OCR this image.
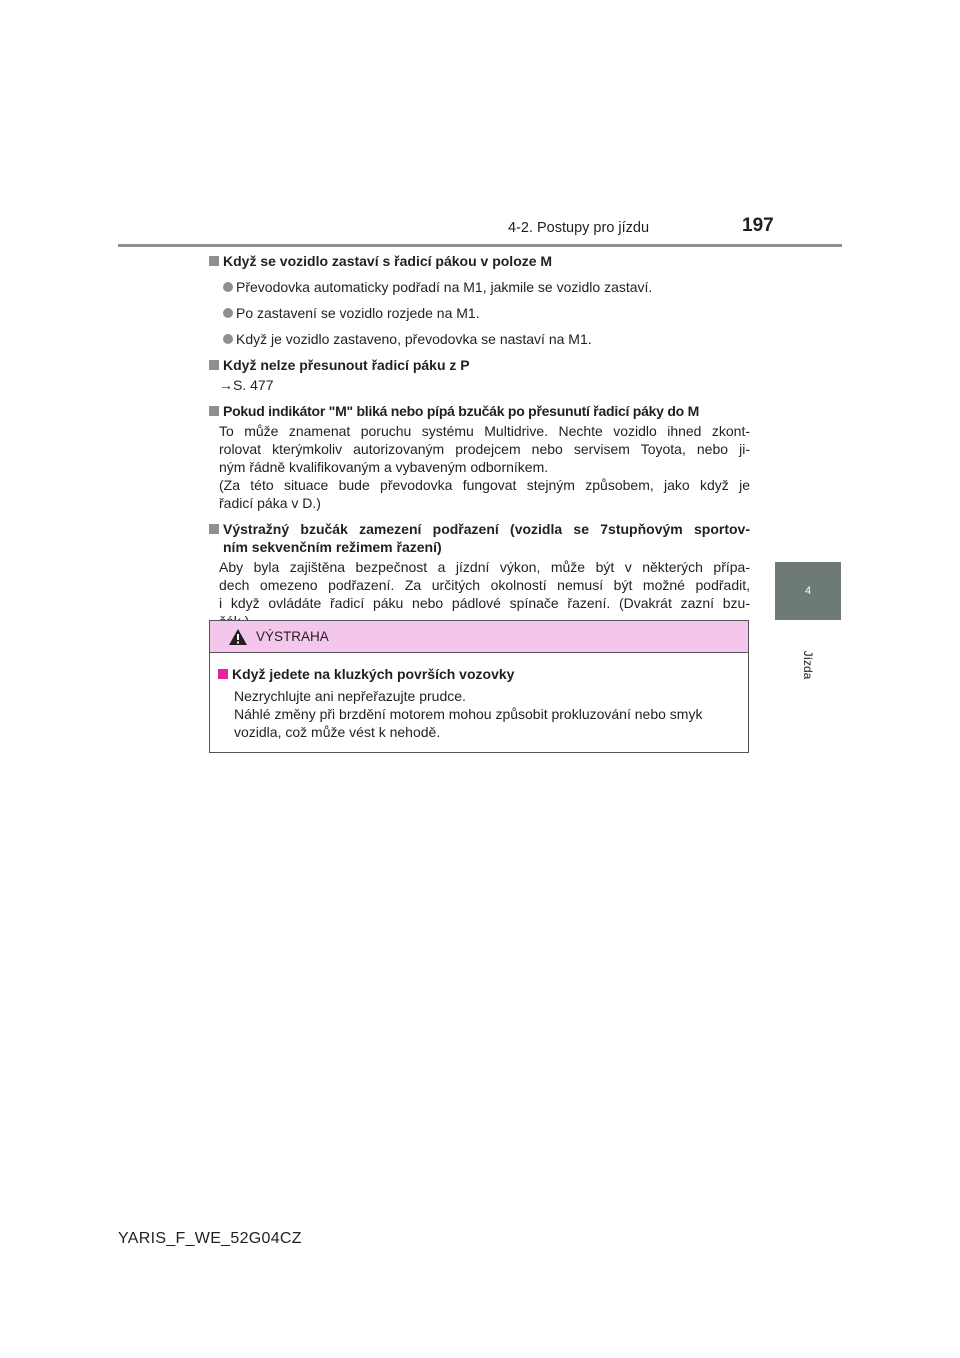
4-2. Postupy pro jízdu	197
4
Jízda
Když se vozidlo zastaví s řadicí pákou v poloze M
Převodovka automaticky podřadí na M1, jakmile se vozidlo zastaví.
Po zastavení se vozidlo rozjede na M1.
Když je vozidlo zastaveno, převodovka se nastaví na M1.
Když nelze přesunout řadicí páku z P
→S. 477
Pokud indikátor "M" bliká nebo pípá bzučák po přesunutí řadicí páky do M

To může znamenat poruchu systému Multidrive. Nechte vozidlo ihned zkont-

rolovat kterýmkoliv autorizovaným prodejcem nebo servisem Toyota, nebo ji-

ným řádně kvalifikovaným a vybaveným odborníkem.

(Za této situace bude převodovka fungovat stejným způsobem, jako když je

řadicí páka v D.)

Výstražný bzučák zamezení podřazení (vozidla se 7stupňovým sportov-
ním sekvenčním režimem řazení)

Aby byla zajištěna bezpečnost a jízdní výkon, může být v některých přípa-

dech omezeno podřazení. Za určitých okolností nemusí být možné podřadit,

i když ovládáte řadicí páku nebo pádlové spínače řazení. (Dvakrát zazní bzu-

VÝSTRAHA
Když jedete na kluzkých površích vozovky

Nezrychlujte ani nepřeřazujte prudce.

Náhlé změny při brzdění motorem mohou způsobit prokluzování nebo smyk

vozidla, což může vést k nehodě.

YARIS_F_WE_52G04CZ
